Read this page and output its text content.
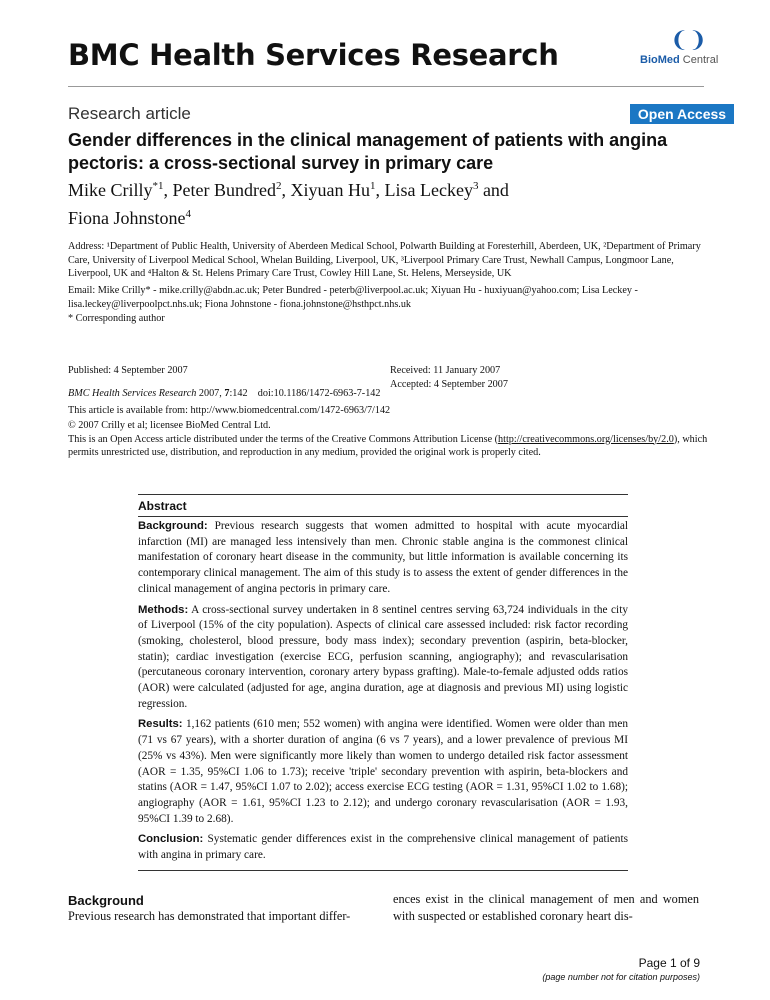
BMC Health Services Research	❨❩
BioMed Central
Research article	Open Access
Gender differences in the clinical management of patients with angina pectoris: a cross-sectional survey in primary care
Mike Crilly$^{*1}$, Peter Bundred$^2$, Xiyuan Hu$^1$, Lisa Leckey$^3$ and
Fiona Johnstone$^4$
Address: ¹Department of Public Health, University of Aberdeen Medical School, Polwarth Building at Foresterhill, Aberdeen, UK, ²Department of Primary Care, University of Liverpool Medical School, Whelan Building, Liverpool, UK, ³Liverpool Primary Care Trust, Newhall Campus, Longmoor Lane, Liverpool, UK and ⁴Halton & St. Helens Primary Care Trust, Cowley Hill Lane, St. Helens, Merseyside, UK
Email: Mike Crilly* - mike.crilly@abdn.ac.uk; Peter Bundred - peterb@liverpool.ac.uk; Xiyuan Hu - huxiyuan@yahoo.com; Lisa Leckey - lisa.leckey@liverpoolpct.nhs.uk; Fiona Johnstone - fiona.johnstone@hsthpct.nhs.uk
* Corresponding author
Published: 4 September 2007
BMC Health Services Research 2007, 7:142 doi:10.1186/1472-6963-7-142
This article is available from: http://www.biomedcentral.com/1472-6963/7/142
Received: 11 January 2007
Accepted: 4 September 2007
© 2007 Crilly et al; licensee BioMed Central Ltd.
This is an Open Access article distributed under the terms of the Creative Commons Attribution License (http://creativecommons.org/licenses/by/2.0), which permits unrestricted use, distribution, and reproduction in any medium, provided the original work is properly cited.
Abstract
Background: Previous research suggests that women admitted to hospital with acute myocardial infarction (MI) are managed less intensively than men. Chronic stable angina is the commonest clinical manifestation of coronary heart disease in the community, but little information is available concerning its contemporary clinical management. The aim of this study is to assess the extent of gender differences in the clinical management of angina pectoris in primary care.
Methods: A cross-sectional survey undertaken in 8 sentinel centres serving 63,724 individuals in the city of Liverpool (15% of the city population). Aspects of clinical care assessed included: risk factor recording (smoking, cholesterol, blood pressure, body mass index); secondary prevention (aspirin, beta-blocker, statin); cardiac investigation (exercise ECG, perfusion scanning, angiography); and revascularisation (percutaneous coronary intervention, coronary artery bypass grafting). Male-to-female adjusted odds ratios (AOR) were calculated (adjusted for age, angina duration, age at diagnosis and previous MI) using logistic regression.
Results: 1,162 patients (610 men; 552 women) with angina were identified. Women were older than men (71 vs 67 years), with a shorter duration of angina (6 vs 7 years), and a lower prevalence of previous MI (25% vs 43%). Men were significantly more likely than women to undergo detailed risk factor assessment (AOR = 1.35, 95%CI 1.06 to 1.73); receive 'triple' secondary prevention with aspirin, beta-blockers and statins (AOR = 1.47, 95%CI 1.07 to 2.02); access exercise ECG testing (AOR = 1.31, 95%CI 1.02 to 1.68); angiography (AOR = 1.61, 95%CI 1.23 to 2.12); and undergo coronary revascularisation (AOR = 1.93, 95%CI 1.39 to 2.68).
Conclusion: Systematic gender differences exist in the comprehensive clinical management of patients with angina in primary care.
Background
Previous research has demonstrated that important differ-
ences exist in the clinical management of men and women with suspected or established coronary heart dis-
Page 1 of 9
(page number not for citation purposes)
